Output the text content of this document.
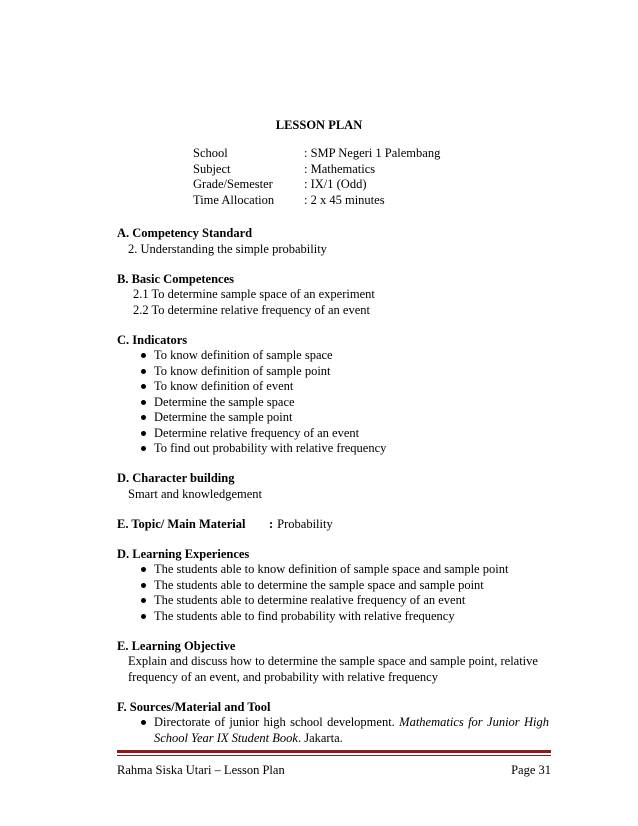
LESSON PLAN
School	: SMP Negeri 1 Palembang
Subject	: Mathematics
Grade/Semester	: IX/1 (Odd)
Time Allocation	: 2 x 45 minutes
A. Competency Standard
2. Understanding the simple probability
B. Basic Competences
2.1 To determine sample space of an experiment
2.2 To determine relative frequency of an event
C. Indicators
To know definition of sample space
To know definition of sample point
To know definition of event
Determine the sample space
Determine the sample point
Determine relative frequency of an event
To find out probability with relative frequency
D. Character building
Smart and knowledgement
E. Topic/ Main Material	: Probability
D. Learning Experiences
The students able to know definition of sample space and sample point
The students able to determine the sample space and sample point
The students able to determine realative frequency of an event
The students able to find probability with relative frequency
E. Learning Objective
Explain and discuss how to determine the sample space and sample point, relative frequency of an event, and probability with relative frequency
F. Sources/Material and Tool
Directorate of junior high school development. Mathematics for Junior High School Year IX Student Book. Jakarta.
Rahma Siska Utari – Lesson Plan	Page 31
